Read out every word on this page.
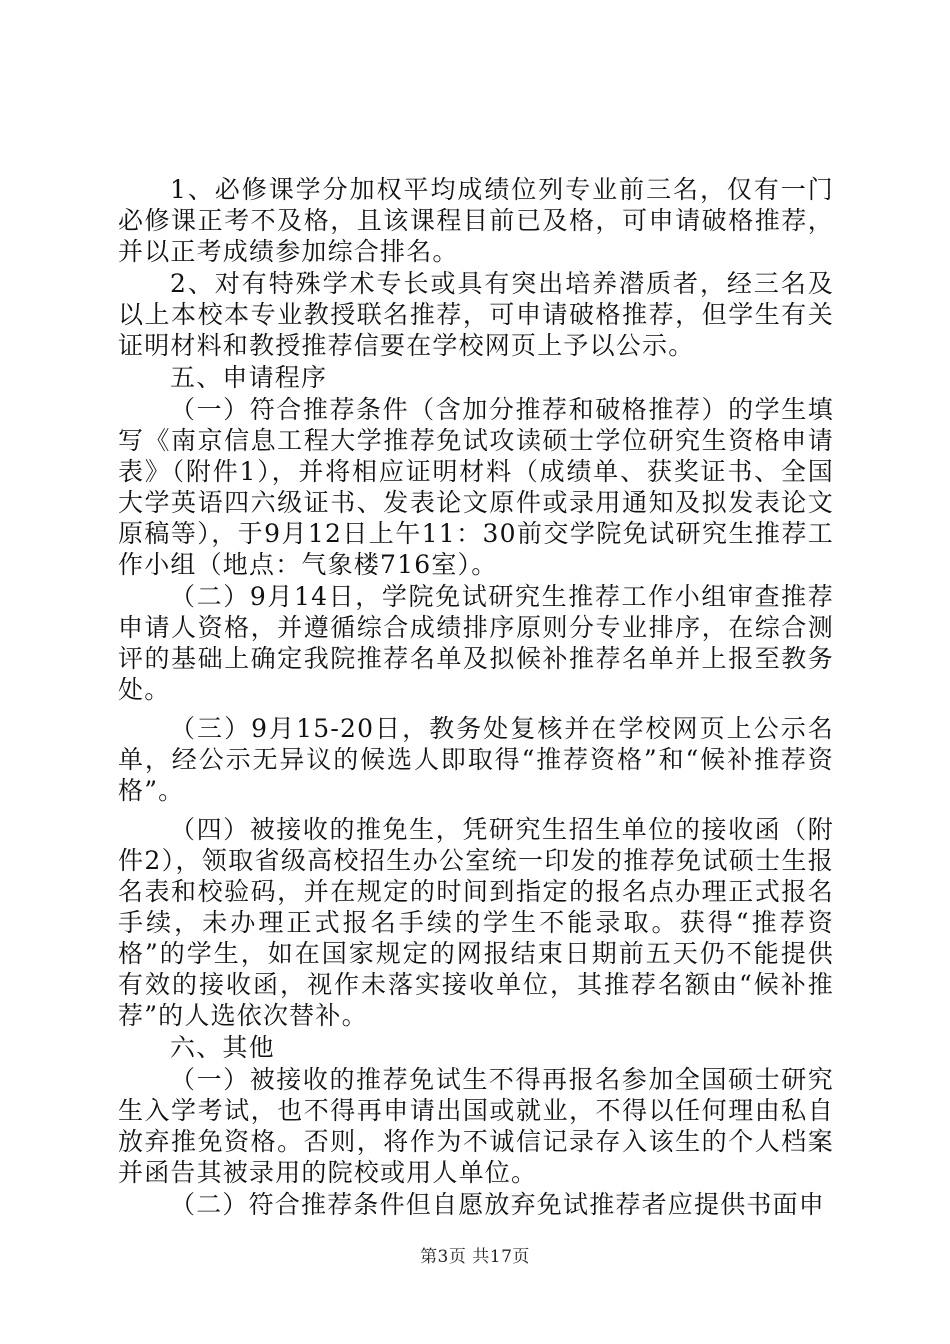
1、必修课学分加权平均成绩位列专业前三名，仅有一门必修课正考不及格，且该课程目前已及格，可申请破格推荐，并以正考成绩参加综合排名。

2、对有特殊学术专长或具有突出培养潜质者，经三名及以上本校本专业教授联名推荐，可申请破格推荐，但学生有关证明材料和教授推荐信要在学校网页上予以公示。

五、申请程序

（一）符合推荐条件（含加分推荐和破格推荐）的学生填写《南京信息工程大学推荐免试攻读硕士学位研究生资格申请表》（附件1），并将相应证明材料（成绩单、获奖证书、全国大学英语四六级证书、发表论文原件或录用通知及拟发表论文原稿等），于9月12日上午11：30前交学院免试研究生推荐工作小组（地点：气象楼716室）。

（二）9月14日，学院免试研究生推荐工作小组审查推荐申请人资格，并遵循综合成绩排序原则分专业排序，在综合测评的基础上确定我院推荐名单及拟候补推荐名单并上报至教务处。

（三）9月15-20日，教务处复核并在学校网页上公示名单，经公示无异议的候选人即取得“推荐资格”和“候补推荐资格”。

（四）被接收的推免生，凭研究生招生单位的接收函（附件2），领取省级高校招生办公室统一印发的推荐免试硕士生报名表和校验码，并在规定的时间到指定的报名点办理正式报名手续，未办理正式报名手续的学生不能录取。获得“推荐资格”的学生，如在国家规定的网报结束日期前五天仍不能提供有效的接收函，视作未落实接收单位，其推荐名额由“候补推荐”的人选依次替补。

六、其他

（一）被接收的推荐免试生不得再报名参加全国硕士研究生入学考试，也不得再申请出国或就业，不得以任何理由私自放弃推免资格。否则，将作为不诚信记录存入该生的个人档案并函告其被录用的院校或用人单位。

（二）符合推荐条件但自愿放弃免试推荐者应提供书面申

第3页 共17页
